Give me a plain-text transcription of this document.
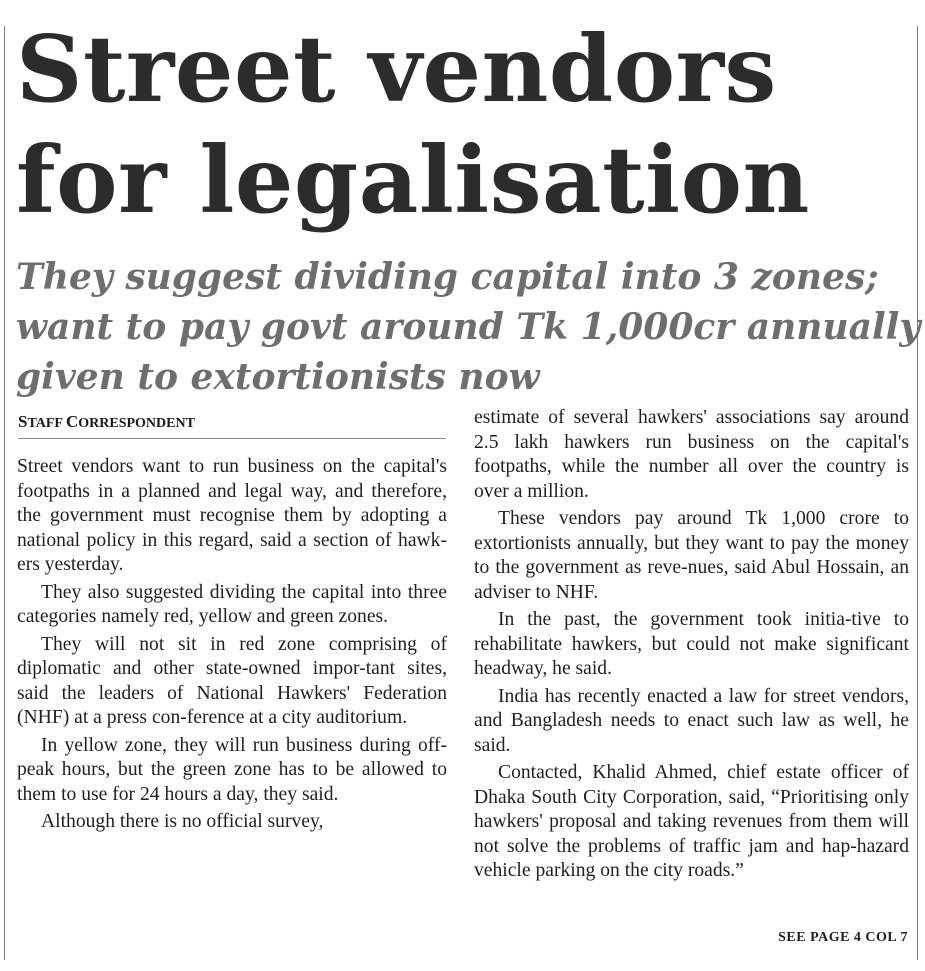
Street vendors
for legalisation
They suggest dividing capital into 3 zones;
want to pay govt around Tk 1,000cr annually
given to extortionists now
STAFF CORRESPONDENT

Street vendors want to run business on the capital's footpaths in a planned and legal way, and therefore, the government must recognise them by adopting a national policy in this regard, said a section of hawk-ers yesterday.

They also suggested dividing the capital into three categories namely red, yellow and green zones.

They will not sit in red zone comprising of diplomatic and other state-owned impor-tant sites, said the leaders of National Hawkers' Federation (NHF) at a press con-ference at a city auditorium.

In yellow zone, they will run business during off-peak hours, but the green zone has to be allowed to them to use for 24 hours a day, they said.

Although there is no official survey,

estimate of several hawkers' associations say around 2.5 lakh hawkers run business on the capital's footpaths, while the number all over the country is over a million.

These vendors pay around Tk 1,000 crore to extortionists annually, but they want to pay the money to the government as reve-nues, said Abul Hossain, an adviser to NHF.

In the past, the government took initia-tive to rehabilitate hawkers, but could not make significant headway, he said.

India has recently enacted a law for street vendors, and Bangladesh needs to enact such law as well, he said.

Contacted, Khalid Ahmed, chief estate officer of Dhaka South City Corporation, said, “Prioritising only hawkers' proposal and taking revenues from them will not solve the problems of traffic jam and hap-hazard vehicle parking on the city roads.”

SEE PAGE 4 COL 7
